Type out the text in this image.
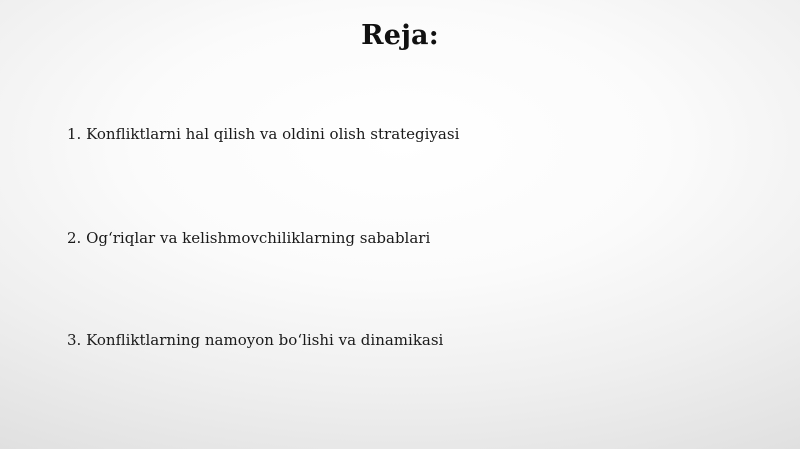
Reja:
1. Konfliktlarni hal qilish va oldini olish strategiyasi
2. Og‘riqlar va kelishmovchiliklarning sabablari
3. Konfliktlarning namoyon bo‘lishi va dinamikasi
